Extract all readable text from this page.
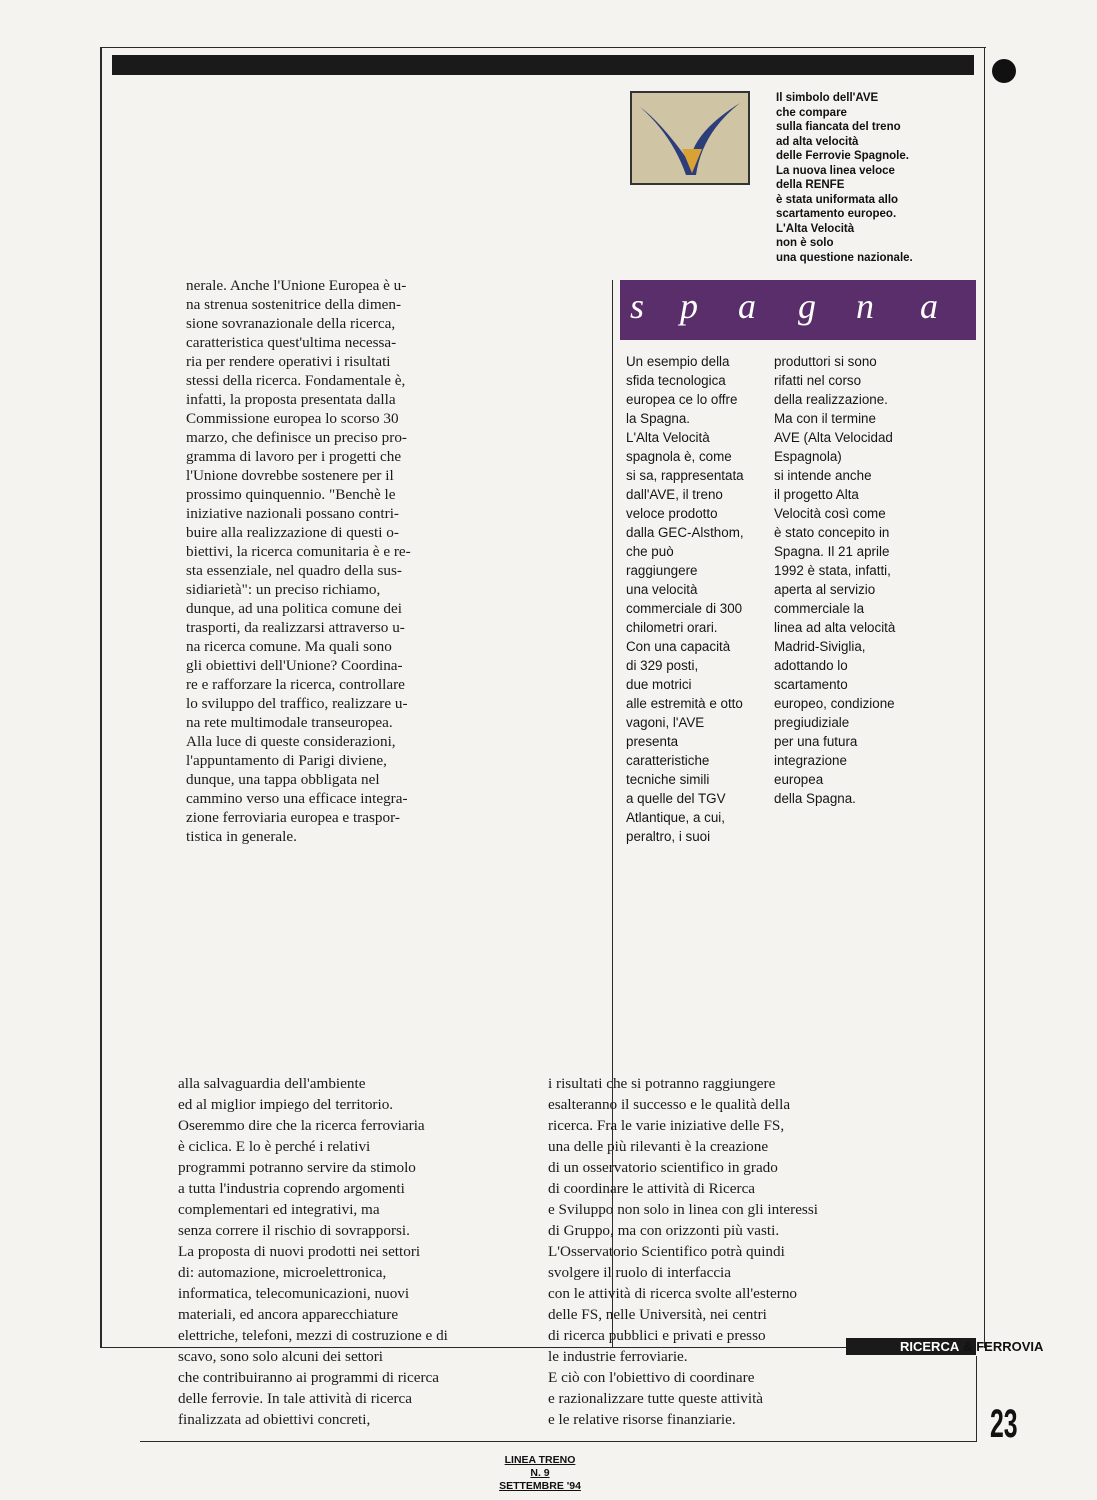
Il simbolo dell'AVE
che compare
sulla fiancata del treno
ad alta velocità
delle Ferrovie Spagnole.
La nuova linea veloce
della RENFE
è stata uniformata allo
scartamento europeo.
L'Alta Velocità
non è solo
una questione nazionale.
nerale. Anche l'Unione Europea è u-
na strenua sostenitrice della dimen-
sione sovranazionale della ricerca,
caratteristica quest'ultima necessa-
ria per rendere operativi i risultati
stessi della ricerca. Fondamentale è,
infatti, la proposta presentata dalla
Commissione europea lo scorso 30
marzo, che definisce un preciso pro-
gramma di lavoro per i progetti che
l'Unione dovrebbe sostenere per il
prossimo quinquennio. "Benchè le
iniziative nazionali possano contri-
buire alla realizzazione di questi o-
biettivi, la ricerca comunitaria è e re-
sta essenziale, nel quadro della sus-
sidiarietà": un preciso richiamo,
dunque, ad una politica comune dei
trasporti, da realizzarsi attraverso u-
na ricerca comune. Ma quali sono
gli obiettivi dell'Unione? Coordina-
re e rafforzare la ricerca, controllare
lo sviluppo del traffico, realizzare u-
na rete multimodale transeuropea.
Alla luce di queste considerazioni,
l'appuntamento di Parigi diviene,
dunque, una tappa obbligata nel
cammino verso una efficace integra-
zione ferroviaria europea e traspor-
tistica in generale.
s p a g n a
Un esempio della
sfida tecnologica
europea ce lo offre
la Spagna.
L'Alta Velocità
spagnola è, come
si sa, rappresentata
dall'AVE, il treno
veloce prodotto
dalla GEC-Alsthom,
che può
raggiungere
una velocità
commerciale di 300
chilometri orari.
Con una capacità
di 329 posti,
due motrici
alle estremità e otto
vagoni, l'AVE
presenta
caratteristiche
tecniche simili
a quelle del TGV
Atlantique, a cui,
peraltro, i suoi
produttori si sono
rifatti nel corso
della realizzazione.
Ma con il termine
AVE (Alta Velocidad
Espagnola)
si intende anche
il progetto Alta
Velocità così come
è stato concepito in
Spagna. Il 21 aprile
1992 è stata, infatti,
aperta al servizio
commerciale la
linea ad alta velocità
Madrid-Siviglia,
adottando lo
scartamento
europeo, condizione
pregiudiziale
per una futura
integrazione
europea
della Spagna.
RICERCA & FERROVIA
alla salvaguardia dell'ambiente
ed al miglior impiego del territorio.
Oseremmo dire che la ricerca ferroviaria
è ciclica. E lo è perché i relativi
programmi potranno servire da stimolo
a tutta l'industria coprendo argomenti
complementari ed integrativi, ma
senza correre il rischio di sovrapporsi.
La proposta di nuovi prodotti nei settori
di: automazione, microelettronica,
informatica, telecomunicazioni, nuovi
materiali, ed ancora apparecchiature
elettriche, telefoni, mezzi di costruzione e di
scavo, sono solo alcuni dei settori
che contribuiranno ai programmi di ricerca
delle ferrovie. In tale attività di ricerca
finalizzata ad obiettivi concreti,
i risultati che si potranno raggiungere
esalteranno il successo e le qualità della
ricerca. Fra le varie iniziative delle FS,
una delle più rilevanti è la creazione
di un osservatorio scientifico in grado
di coordinare le attività di Ricerca
e Sviluppo non solo in linea con gli interessi
di Gruppo, ma con orizzonti più vasti.
L'Osservatorio Scientifico potrà quindi
svolgere il ruolo di interfaccia
con le attività di ricerca svolte all'esterno
delle FS, nelle Università, nei centri
di ricerca pubblici e privati e presso
le industrie ferroviarie.
E ciò con l'obiettivo di coordinare
e razionalizzare tutte queste attività
e le relative risorse finanziarie.	23
LINEA TRENO
N. 9
SETTEMBRE '94
